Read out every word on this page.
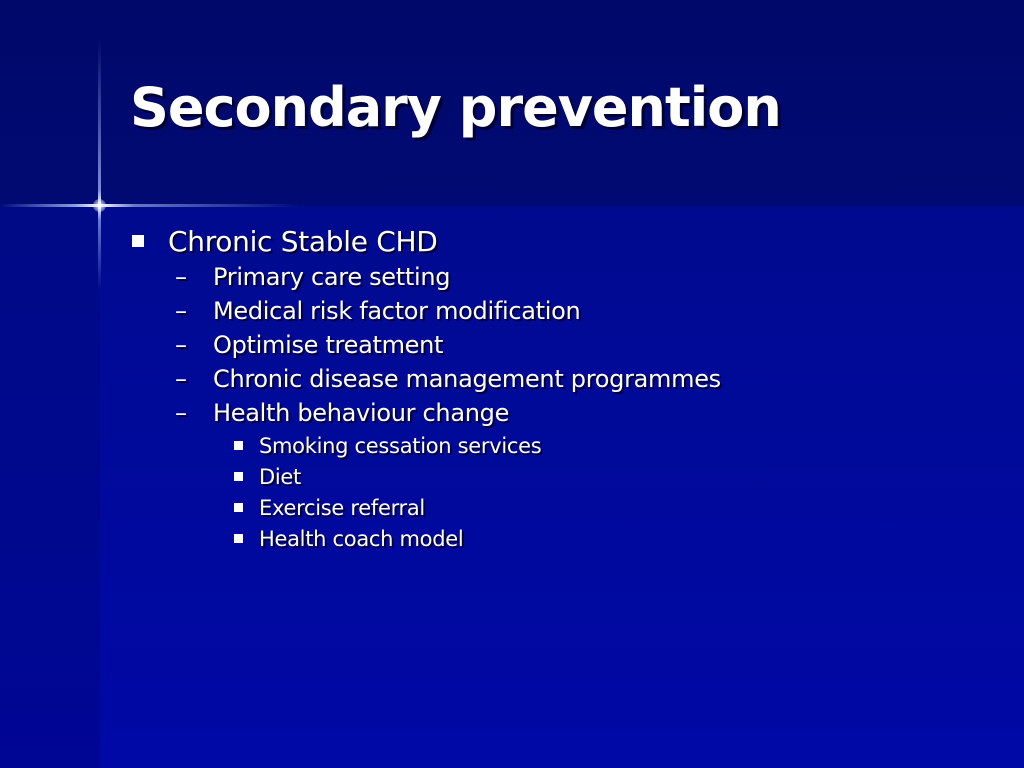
Secondary prevention
Chronic Stable CHD
–	Primary care setting
–	Medical risk factor modification
–	Optimise treatment
–	Chronic disease management programmes
–	Health behaviour change
Smoking cessation services
Diet
Exercise referral
Health coach model
